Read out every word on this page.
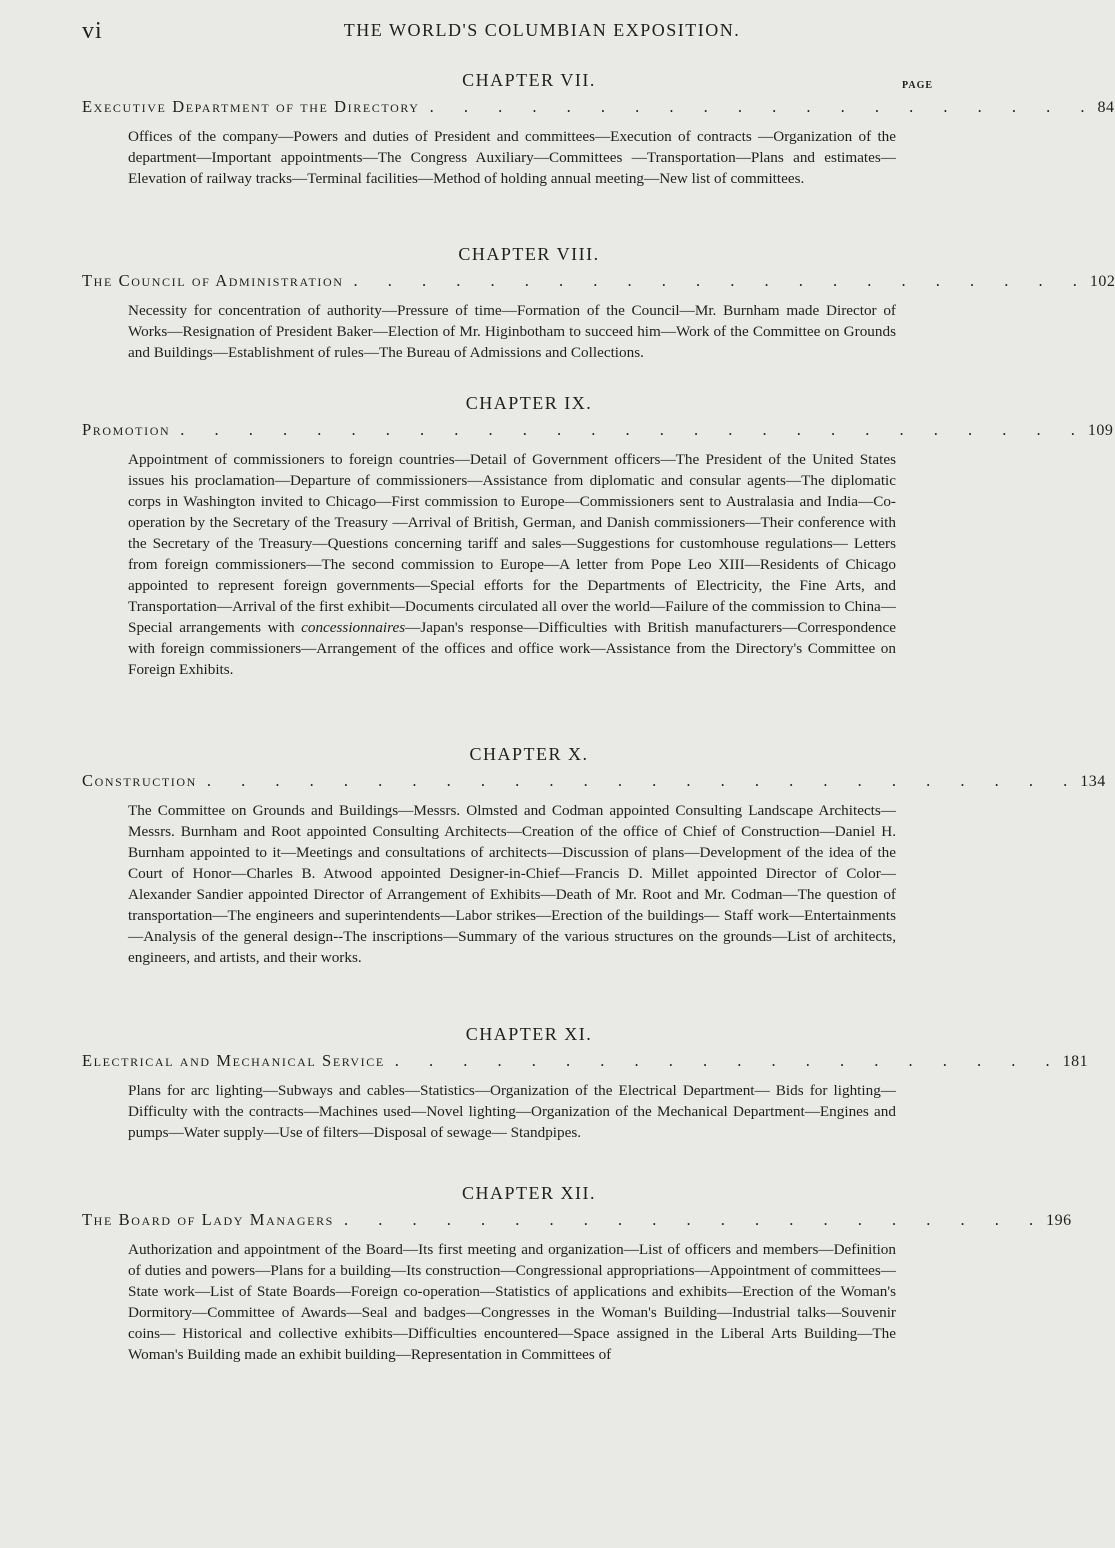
vi	THE WORLD'S COLUMBIAN EXPOSITION.
PAGE
CHAPTER VII.
Executive Department of the Directory . . . . . . . . . . . . . . . . . . . . 84
Offices of the company—Powers and duties of President and committees—Execution of contracts —Organization of the department—Important appointments—The Congress Auxiliary—Committees —Transportation—Plans and estimates—Elevation of railway tracks—Terminal facilities—Method of holding annual meeting—New list of committees.
CHAPTER VIII.
The Council of Administration . . . . . . . . . . . . . . . . . . . . . . 102
Necessity for concentration of authority—Pressure of time—Formation of the Council—Mr. Burnham made Director of Works—Resignation of President Baker—Election of Mr. Higinbotham to succeed him—Work of the Committee on Grounds and Buildings—Establishment of rules—The Bureau of Admissions and Collections.
CHAPTER IX.
Promotion . . . . . . . . . . . . . . . . . . . . . . . . . . . 109
Appointment of commissioners to foreign countries—Detail of Government officers—The President of the United States issues his proclamation—Departure of commissioners—Assistance from diplomatic and consular agents—The diplomatic corps in Washington invited to Chicago—First commission to Europe—Commissioners sent to Australasia and India—Co-operation by the Secretary of the Treasury —Arrival of British, German, and Danish commissioners—Their conference with the Secretary of the Treasury—Questions concerning tariff and sales—Suggestions for customhouse regulations— Letters from foreign commissioners—The second commission to Europe—A letter from Pope Leo XIII—Residents of Chicago appointed to represent foreign governments—Special efforts for the Departments of Electricity, the Fine Arts, and Transportation—Arrival of the first exhibit—Documents circulated all over the world—Failure of the commission to China—Special arrangements with concessionnaires—Japan's response—Difficulties with British manufacturers—Correspondence with foreign commissioners—Arrangement of the offices and office work—Assistance from the Directory's Committee on Foreign Exhibits.
CHAPTER X.
Construction . . . . . . . . . . . . . . . . . . . . . . . . . . 134
The Committee on Grounds and Buildings—Messrs. Olmsted and Codman appointed Consulting Landscape Architects—Messrs. Burnham and Root appointed Consulting Architects—Creation of the office of Chief of Construction—Daniel H. Burnham appointed to it—Meetings and consultations of architects—Discussion of plans—Development of the idea of the Court of Honor—Charles B. Atwood appointed Designer-in-Chief—Francis D. Millet appointed Director of Color—Alexander Sandier appointed Director of Arrangement of Exhibits—Death of Mr. Root and Mr. Codman—The question of transportation—The engineers and superintendents—Labor strikes—Erection of the buildings— Staff work—Entertainments—Analysis of the general design--The inscriptions—Summary of the various structures on the grounds—List of architects, engineers, and artists, and their works.
CHAPTER XI.
Electrical and Mechanical Service . . . . . . . . . . . . . . . . . . . . 181
Plans for arc lighting—Subways and cables—Statistics—Organization of the Electrical Department— Bids for lighting—Difficulty with the contracts—Machines used—Novel lighting—Organization of the Mechanical Department—Engines and pumps—Water supply—Use of filters—Disposal of sewage— Standpipes.
CHAPTER XII.
The Board of Lady Managers . . . . . . . . . . . . . . . . . . . . . 196
Authorization and appointment of the Board—Its first meeting and organization—List of officers and members—Definition of duties and powers—Plans for a building—Its construction—Congressional appropriations—Appointment of committees—State work—List of State Boards—Foreign co-operation—Statistics of applications and exhibits—Erection of the Woman's Dormitory—Committee of Awards—Seal and badges—Congresses in the Woman's Building—Industrial talks—Souvenir coins— Historical and collective exhibits—Difficulties encountered—Space assigned in the Liberal Arts Building—The Woman's Building made an exhibit building—Representation in Committees of
